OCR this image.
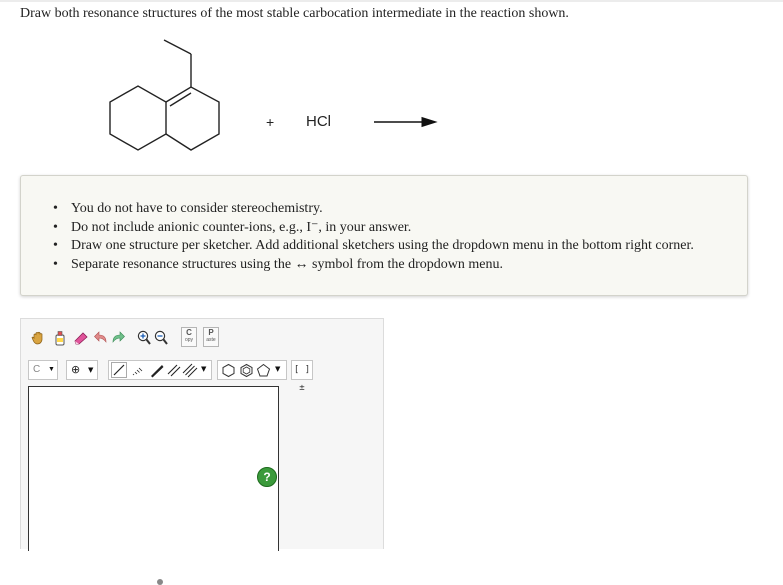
Draw both resonance structures of the most stable carbocation intermediate in the reaction shown.
+ HCl
• You do not have to consider stereochemistry.
• Do not include anionic counter-ions, e.g., I⁻, in your answer.
• Draw one structure per sketcher. Add additional sketchers using the dropdown menu in the bottom right corner.
• Separate resonance structures using the ↔ symbol from the dropdown menu.
C
opy
P
aste
C ▼	⊕ ▼	▼	▼	[ ]±
?
